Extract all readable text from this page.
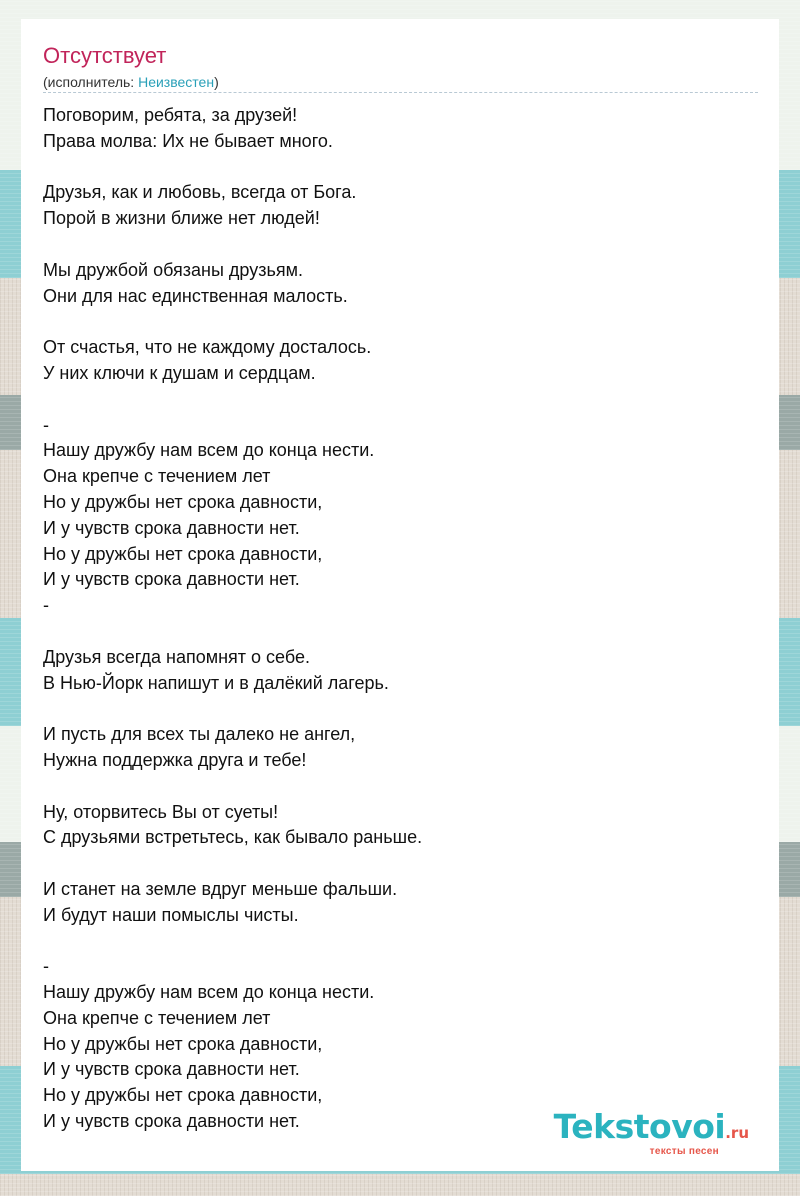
Отсутствует
(исполнитель: Неизвестен)
Поговорим, ребята, за друзей!
Права молва: Их не бывает много.
Друзья, как и любовь, всегда от Бога.
Порой в жизни ближе нет людей!
Мы дружбой обязаны друзьям.
Они для нас единственная малость.
От счастья, что не каждому досталось.
У них ключи к душам и сердцам.
-
Нашу дружбу нам всем до конца нести.
Она крепче с течением лет
Но у дружбы нет срока давности,
И у чувств срока давности нет.
Но у дружбы нет срока давности,
И у чувств срока давности нет.
-
Друзья всегда напомнят о себе.
В Нью-Йорк напишут и в далёкий лагерь.
И пусть для всех ты далеко не ангел,
Нужна поддержка друга и тебе!
Ну, оторвитесь Вы от суеты!
С друзьями встретьтесь, как бывало раньше.
И станет на земле вдруг меньше фальши.
И будут наши помыслы чисты.
-
Нашу дружбу нам всем до конца нести.
Она крепче с течением лет
Но у дружбы нет срока давности,
И у чувств срока давности нет.
Но у дружбы нет срока давности,
И у чувств срока давности нет.	Tekstovoi.ru
тексты песен
